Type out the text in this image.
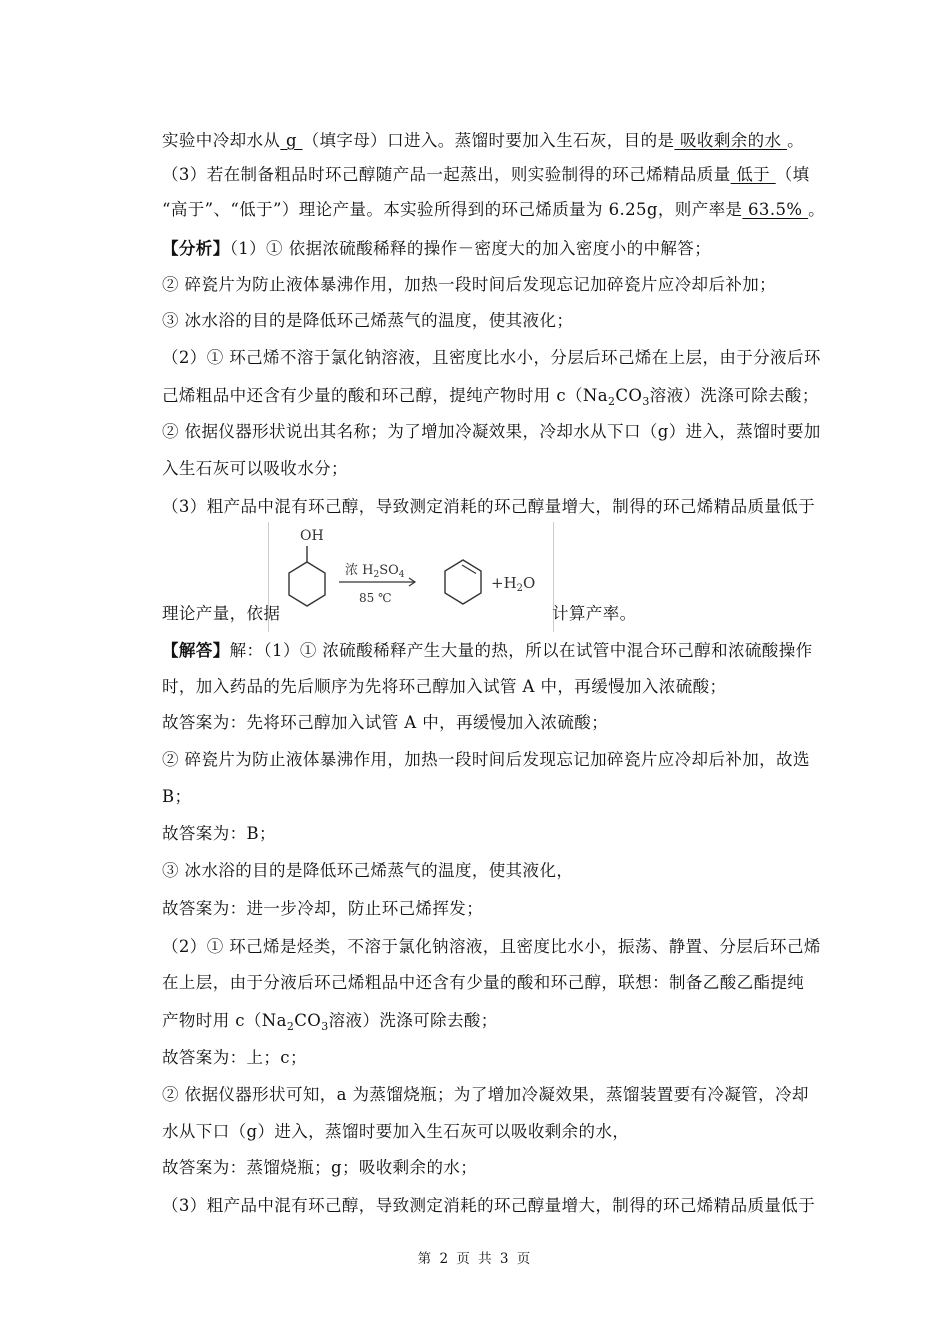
实验中冷却水从 g （填字母）口进入。蒸馏时要加入生石灰，目的是 吸收剩余的水 。
（3）若在制备粗品时环己醇随产品一起蒸出，则实验制得的环己烯精品质量 低于 （填
“高于”、“低于”）理论产量。本实验所得到的环己烯质量为 6.25g，则产率是 63.5% 。
【分析】（1）① 依据浓硫酸稀释的操作－密度大的加入密度小的中解答；
② 碎瓷片为防止液体暴沸作用，加热一段时间后发现忘记加碎瓷片应冷却后补加；
③ 冰水浴的目的是降低环己烯蒸气的温度，使其液化；
（2）① 环己烯不溶于氯化钠溶液，且密度比水小，分层后环己烯在上层，由于分液后环
己烯粗品中还含有少量的酸和环己醇，提纯产物时用 $c(Na_2CO_3$溶液）洗涤可除去酸；
② 依据仪器形状说出其名称；为了增加冷凝效果，冷却水从下口（g）进入，蒸馏时要加
入生石灰可以吸收水分；
（3）粗产品中混有环己醇，导致测定消耗的环己醇量增大，制得的环己烯精品质量低于
理论产量，依据
【解答】解：（1）① 浓硫酸稀释产生大量的热，所以在试管中混合环己醇和浓硫酸操作
时，加入药品的先后顺序为先将环己醇加入试管 A 中，再缓慢加入浓硫酸；
故答案为：先将环己醇加入试管 A 中，再缓慢加入浓硫酸；
② 碎瓷片为防止液体暴沸作用，加热一段时间后发现忘记加碎瓷片应冷却后补加，故选
B；
故答案为：B；
③ 冰水浴的目的是降低环己烯蒸气的温度，使其液化，
故答案为：进一步冷却，防止环己烯挥发；
（2）① 环己烯是烃类，不溶于氯化钠溶液，且密度比水小，振荡、静置、分层后环己烯
在上层，由于分液后环己烯粗品中还含有少量的酸和环己醇，联想：制备乙酸乙酯提纯
产物时用 $c(Na_2CO_3$溶液）洗涤可除去酸；
故答案为：上；c；
② 依据仪器形状可知，a 为蒸馏烧瓶；为了增加冷凝效果，蒸馏装置要有冷凝管，冷却
水从下口（g）进入，蒸馏时要加入生石灰可以吸收剩余的水，
故答案为：蒸馏烧瓶；g；吸收剩余的水；
（3）粗产品中混有环己醇，导致测定消耗的环己醇量增大，制得的环己烯精品质量低于
OH
浓 $H_2SO_4$
85 ℃
$+H_2O$
计算产率。
第 2 页 共 3 页
